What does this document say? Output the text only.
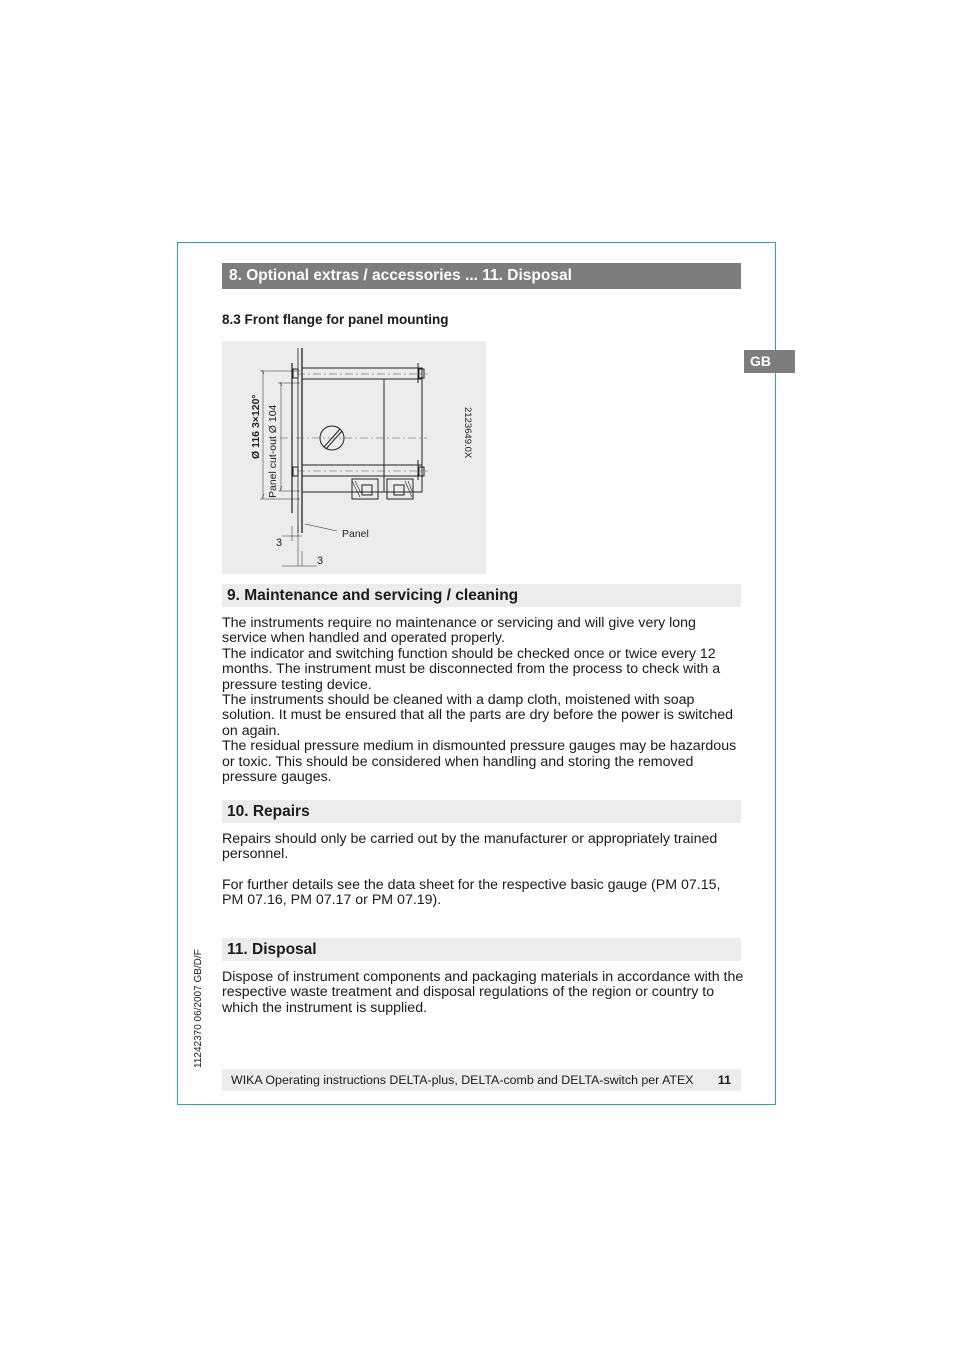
8. Optional extras / accessories ... 11. Disposal
GB
8.3 Front flange for panel mounting
Ø 116 3×120° Panel cut-out Ø 104	2123649.0X
Panel
3
3
9. Maintenance and servicing / cleaning

The instruments require no maintenance or servicing and will give very long service when handled and operated properly.

The indicator and switching function should be checked once or twice every 12 months. The instrument must be disconnected from the process to check with a pressure testing device.

The instruments should be cleaned with a damp cloth, moistened with soap solution. It must be ensured that all the parts are dry before the power is switched on again.

The residual pressure medium in dismounted pressure gauges may be hazardous or toxic. This should be considered when handling and storing the removed pressure gauges.

10. Repairs

Repairs should only be carried out by the manufacturer or appropriately trained personnel.

For further details see the data sheet for the respective basic gauge (PM 07.15, PM 07.16, PM 07.17 or PM 07.19).

11. Disposal

Dispose of instrument components and packaging materials in accordance with the respective waste treatment and disposal regulations of the region or country to which the instrument is supplied.

11242370 06/2007 GB/D/F
WIKA Operating instructions DELTA-plus, DELTA-comb and DELTA-switch per ATEX 11
